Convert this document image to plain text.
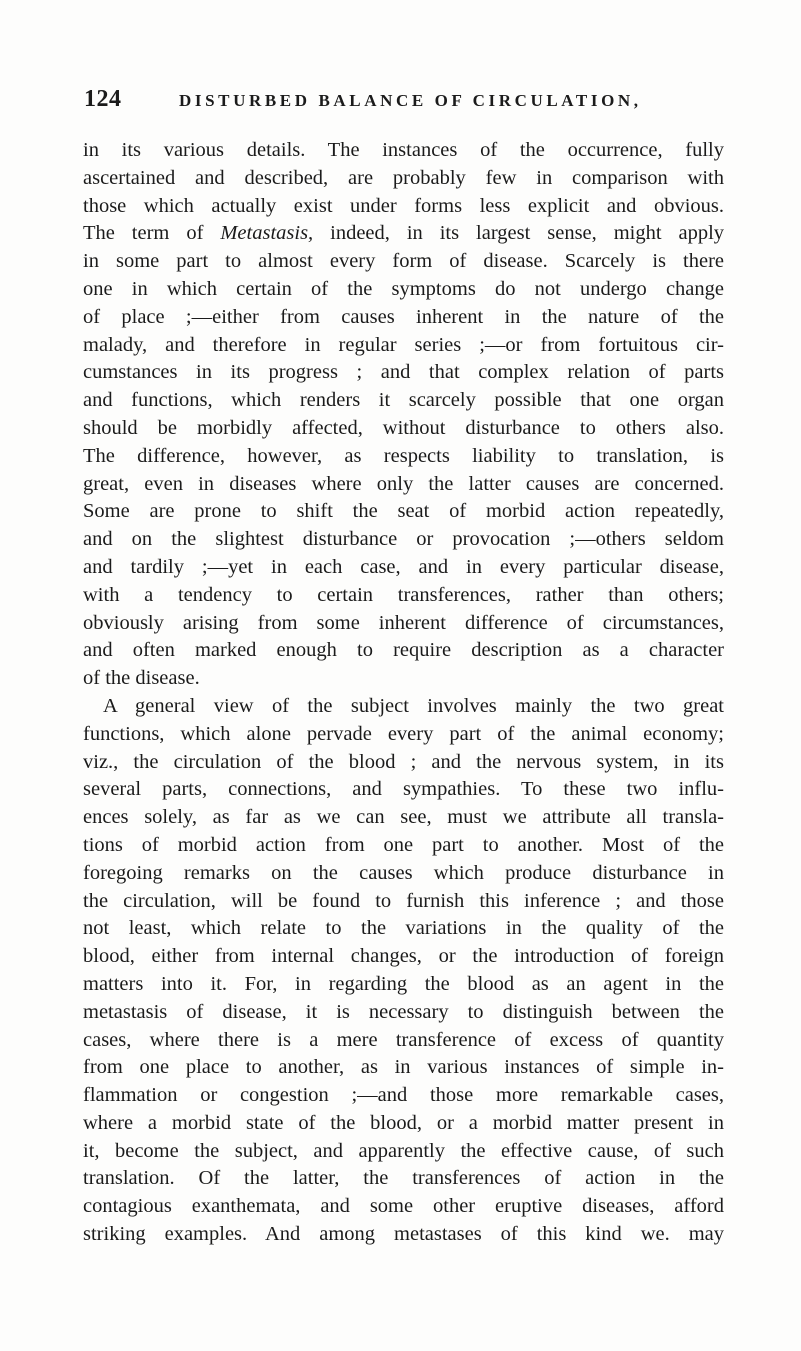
124	DISTURBED BALANCE OF CIRCULATION,
in its various details. The instances of the occurrence, fully
ascertained and described, are probably few in comparison with
those which actually exist under forms less explicit and obvious.
The term of Metastasis, indeed, in its largest sense, might apply
in some part to almost every form of disease. Scarcely is there
one in which certain of the symptoms do not undergo change
of place ;—either from causes inherent in the nature of the
malady, and therefore in regular series ;—or from fortuitous cir-
cumstances in its progress ; and that complex relation of parts
and functions, which renders it scarcely possible that one organ
should be morbidly affected, without disturbance to others also.
The difference, however, as respects liability to translation, is
great, even in diseases where only the latter causes are concerned.
Some are prone to shift the seat of morbid action repeatedly,
and on the slightest disturbance or provocation ;—others seldom
and tardily ;—yet in each case, and in every particular disease,
with a tendency to certain transferences, rather than others;
obviously arising from some inherent difference of circumstances,
and often marked enough to require description as a character
of the disease.
A general view of the subject involves mainly the two great
functions, which alone pervade every part of the animal economy;
viz., the circulation of the blood ; and the nervous system, in its
several parts, connections, and sympathies. To these two influ-
ences solely, as far as we can see, must we attribute all transla-
tions of morbid action from one part to another. Most of the
foregoing remarks on the causes which produce disturbance in
the circulation, will be found to furnish this inference ; and those
not least, which relate to the variations in the quality of the
blood, either from internal changes, or the introduction of foreign
matters into it. For, in regarding the blood as an agent in the
metastasis of disease, it is necessary to distinguish between the
cases, where there is a mere transference of excess of quantity
from one place to another, as in various instances of simple in-
flammation or congestion ;—and those more remarkable cases,
where a morbid state of the blood, or a morbid matter present in
it, become the subject, and apparently the effective cause, of such
translation. Of the latter, the transferences of action in the
contagious exanthemata, and some other eruptive diseases, afford
striking examples. And among metastases of this kind we. may
